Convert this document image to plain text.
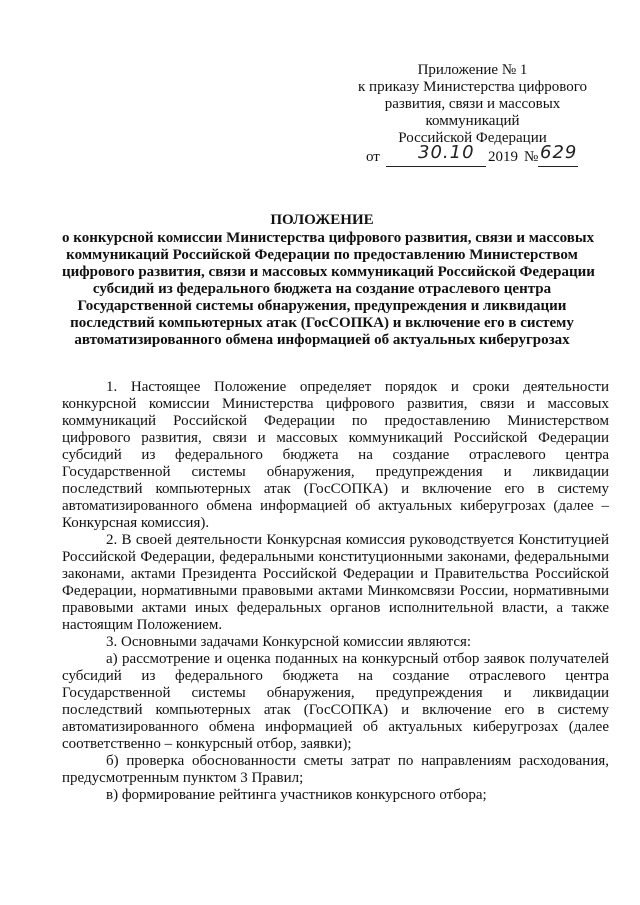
Приложение № 1
к приказу Министерства цифрового
развития, связи и массовых
коммуникаций
Российской Федерации
от 30.10 2019 № 629
ПОЛОЖЕНИЕ
о конкурсной комиссии Министерства цифрового развития, связи и массовых
коммуникаций Российской Федерации по предоставлению Министерством
цифрового развития, связи и массовых коммуникаций Российской Федерации
субсидий из федерального бюджета на создание отраслевого центра
Государственной системы обнаружения, предупреждения и ликвидации
последствий компьютерных атак (ГосСОПКА) и включение его в систему
автоматизированного обмена информацией об актуальных киберугрозах
1. Настоящее Положение определяет порядок и сроки деятельности
конкурсной комиссии Министерства цифрового развития, связи и массовых
коммуникаций Российской Федерации по предоставлению Министерством
цифрового развития, связи и массовых коммуникаций Российской Федерации
субсидий из федерального бюджета на создание отраслевого центра
Государственной системы обнаружения, предупреждения и ликвидации
последствий компьютерных атак (ГосСОПКА) и включение его в систему
автоматизированного обмена информацией об актуальных киберугрозах (далее –
Конкурсная комиссия).
2. В своей деятельности Конкурсная комиссия руководствуется Конституцией
Российской Федерации, федеральными конституционными законами, федеральными
законами, актами Президента Российской Федерации и Правительства Российской
Федерации, нормативными правовыми актами Минкомсвязи России, нормативными
правовыми актами иных федеральных органов исполнительной власти, а также
настоящим Положением.
3. Основными задачами Конкурсной комиссии являются:
а) рассмотрение и оценка поданных на конкурсный отбор заявок получателей
субсидий из федерального бюджета на создание отраслевого центра
Государственной системы обнаружения, предупреждения и ликвидации
последствий компьютерных атак (ГосСОПКА) и включение его в систему
автоматизированного обмена информацией об актуальных киберугрозах (далее
соответственно – конкурсный отбор, заявки);
б) проверка обоснованности сметы затрат по направлениям расходования,
предусмотренным пунктом 3 Правил;
в) формирование рейтинга участников конкурсного отбора;
